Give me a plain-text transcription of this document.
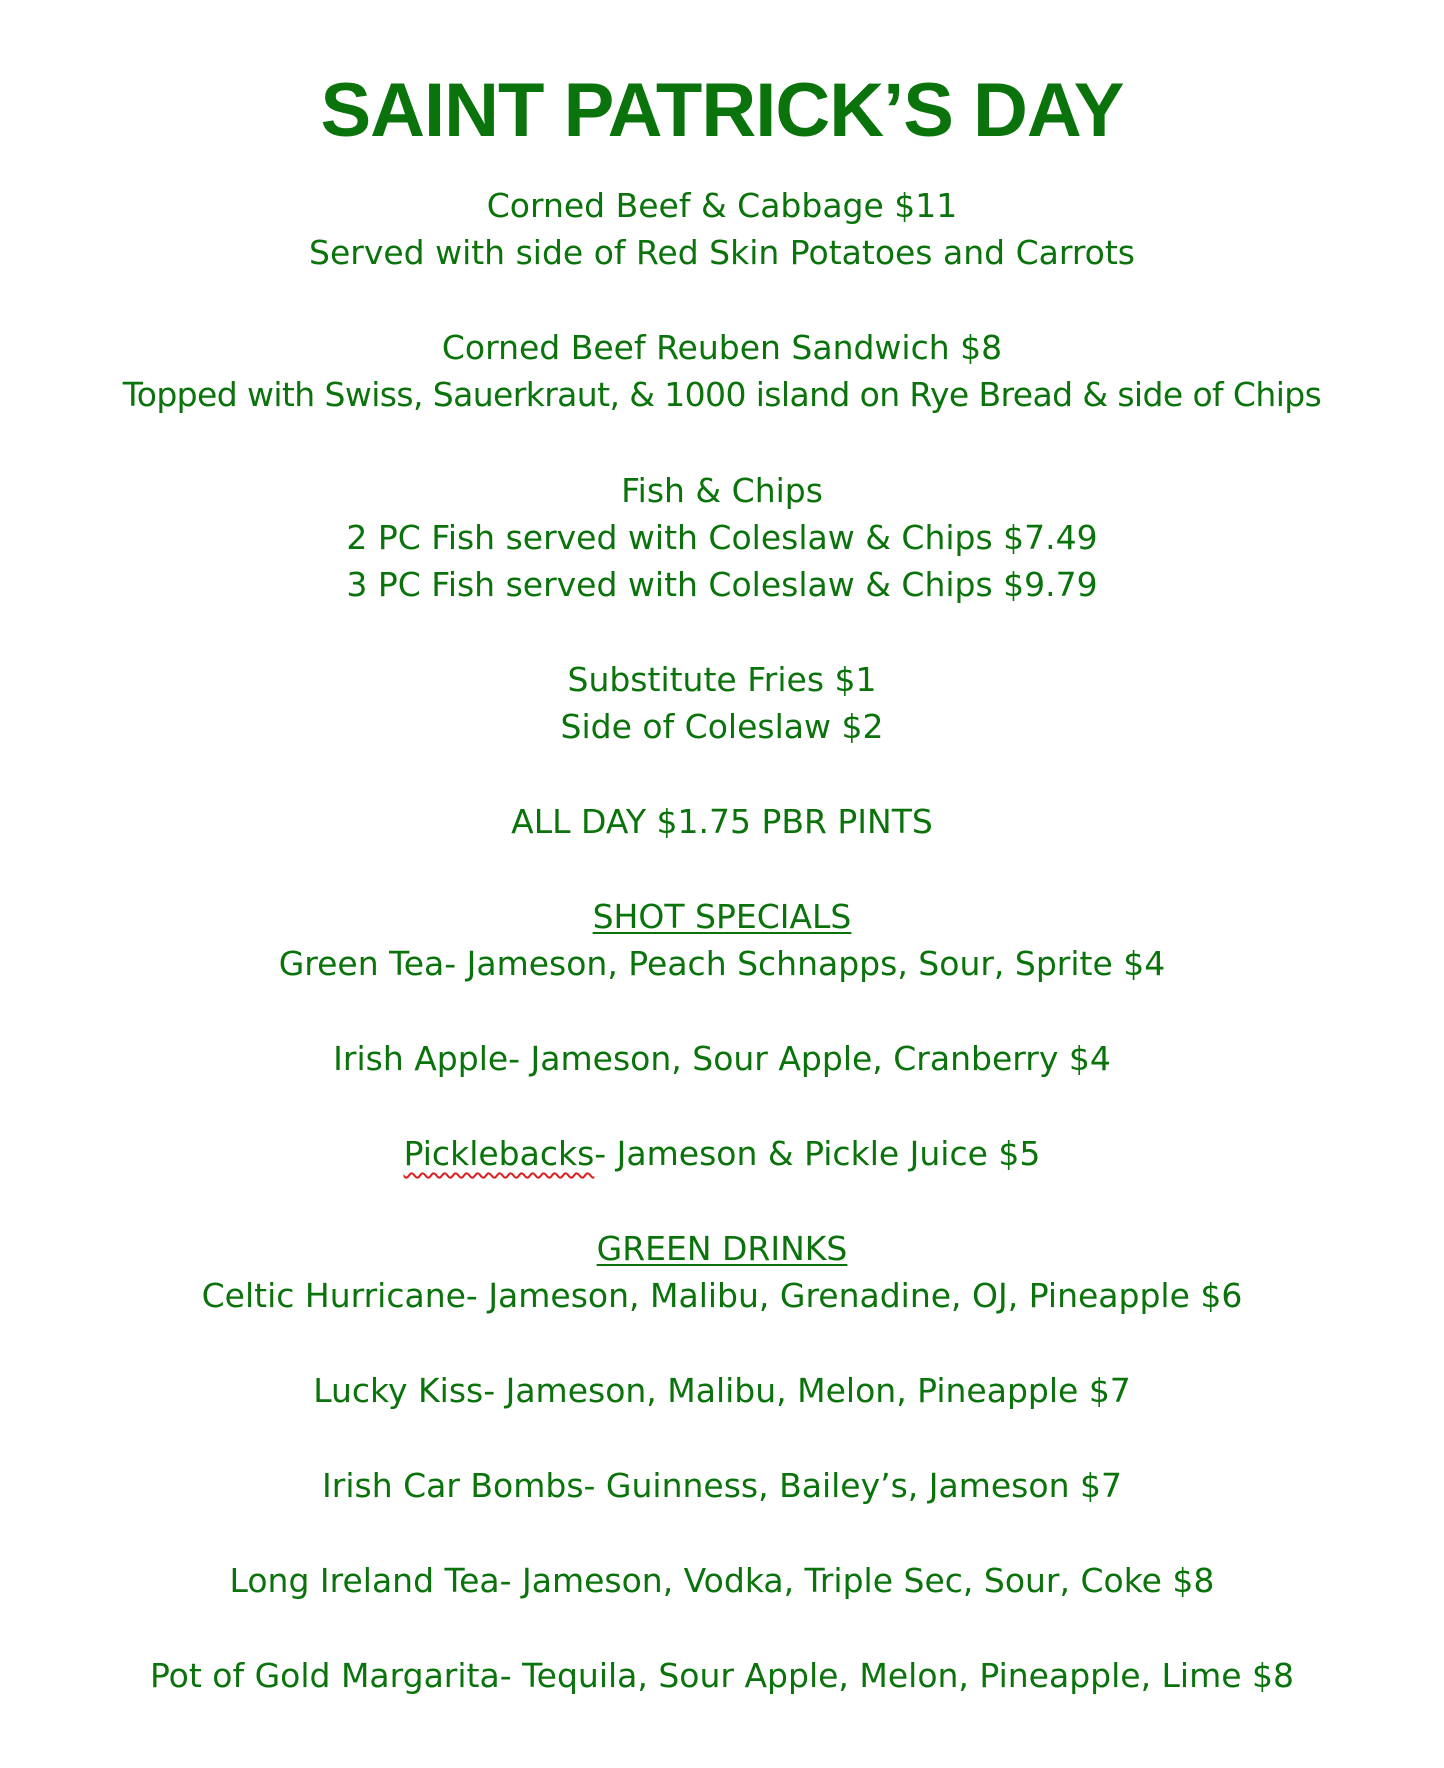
SAINT PATRICK’S DAY
Corned Beef & Cabbage $11
Served with side of Red Skin Potatoes and Carrots
Corned Beef Reuben Sandwich $8
Topped with Swiss, Sauerkraut, & 1000 island on Rye Bread & side of Chips
Fish & Chips
2 PC Fish served with Coleslaw & Chips $7.49
3 PC Fish served with Coleslaw & Chips $9.79
Substitute Fries $1
Side of Coleslaw $2
ALL DAY $1.75 PBR PINTS
SHOT SPECIALS
Green Tea- Jameson, Peach Schnapps, Sour, Sprite $4
Irish Apple- Jameson, Sour Apple, Cranberry $4
Picklebacks- Jameson & Pickle Juice $5
GREEN DRINKS
Celtic Hurricane- Jameson, Malibu, Grenadine, OJ, Pineapple $6
Lucky Kiss- Jameson, Malibu, Melon, Pineapple $7
Irish Car Bombs- Guinness, Bailey’s, Jameson $7
Long Ireland Tea- Jameson, Vodka, Triple Sec, Sour, Coke $8
Pot of Gold Margarita- Tequila, Sour Apple, Melon, Pineapple, Lime $8
